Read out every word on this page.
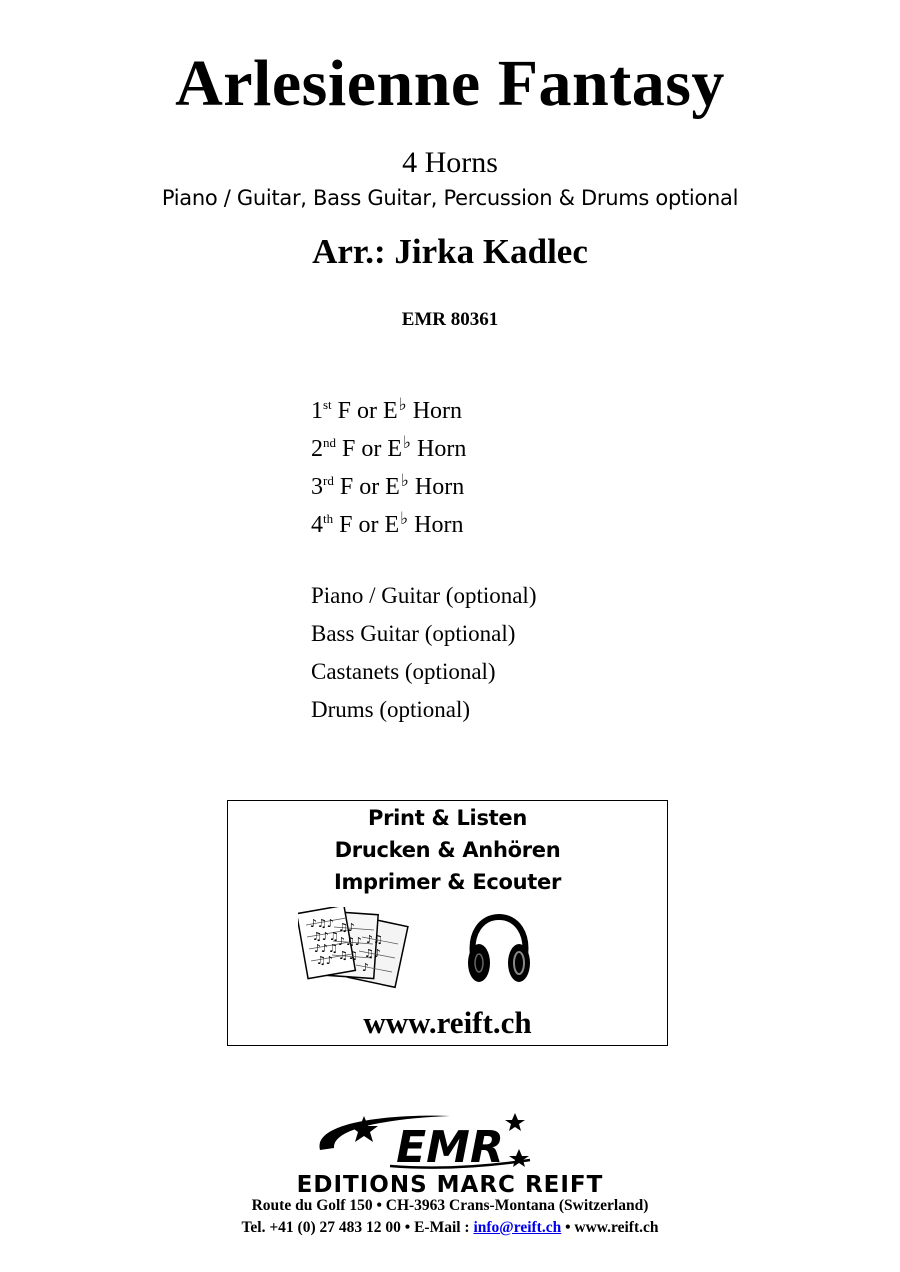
Arlesienne Fantasy
4 Horns
Piano / Guitar, Bass Guitar, Percussion & Drums optional
Arr.: Jirka Kadlec
EMR 80361
1st F or E♭ Horn
2nd F or E♭ Horn
3rd F or E♭ Horn
4th F or E♭ Horn
Piano / Guitar (optional)
Bass Guitar (optional)
Castanets (optional)
Drums (optional)
Print & Listen
Drucken & Anhören
Imprimer & Ecouter
♪♫♪
♫♪♫
♪♪♫
♫♪
♫♪
♪♫♪
♫♫
♪♫
♫♪
♪
www.reift.ch
EMR
EDITIONS MARC REIFT
Route du Golf 150 • CH-3963 Crans-Montana (Switzerland)
Tel. +41 (0) 27 483 12 00 • E-Mail : info@reift.ch • www.reift.ch
